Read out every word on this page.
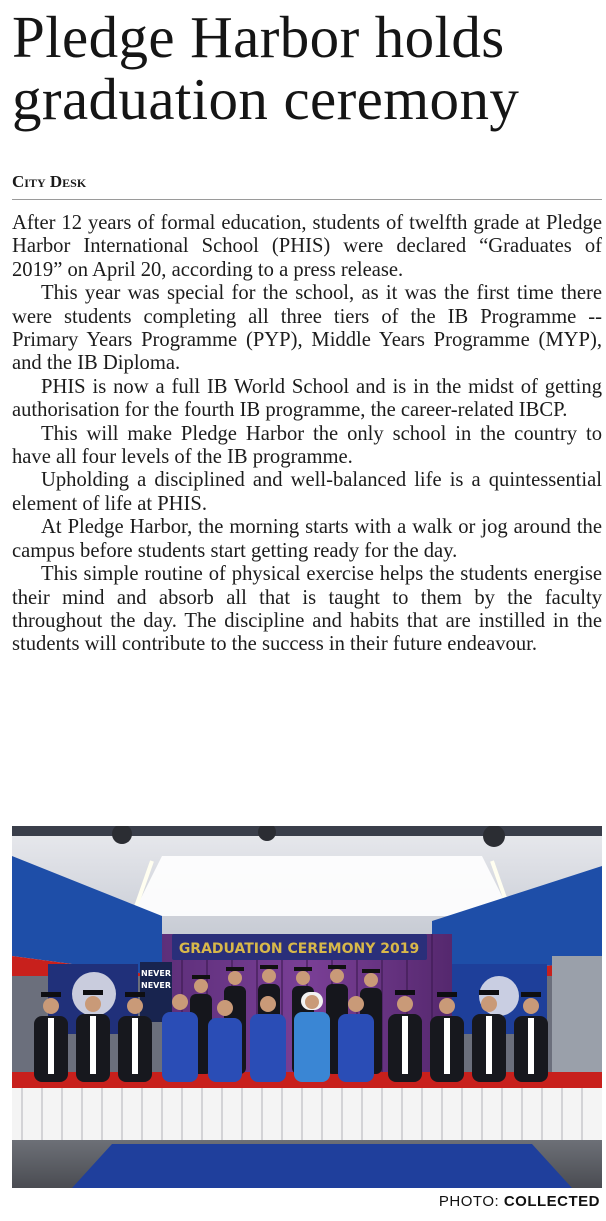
Pledge Harbor holds graduation ceremony
City Desk

After 12 years of formal education, students of twelfth grade at Pledge Harbor International School (PHIS) were declared “Graduates of 2019” on April 20, according to a press release.

This year was special for the school, as it was the first time there were students completing all three tiers of the IB Programme -- Primary Years Programme (PYP), Middle Years Programme (MYP), and the IB Diploma.

PHIS is now a full IB World School and is in the midst of getting authorisation for the fourth IB programme, the career-related IBCP.

This will make Pledge Harbor the only school in the country to have all four levels of the IB programme.

Upholding a disciplined and well-balanced life is a quintessential element of life at PHIS.

At Pledge Harbor, the morning starts with a walk or jog around the campus before students start getting ready for the day.

This simple routine of physical exercise helps the students energise their mind and absorb all that is taught to them by the faculty throughout the day. The discipline and habits that are instilled in the students will contribute to the success in their future endeavour.

GRADUATION CEREMONY 2019
NEVER
NEVER
PHOTO: COLLECTED
